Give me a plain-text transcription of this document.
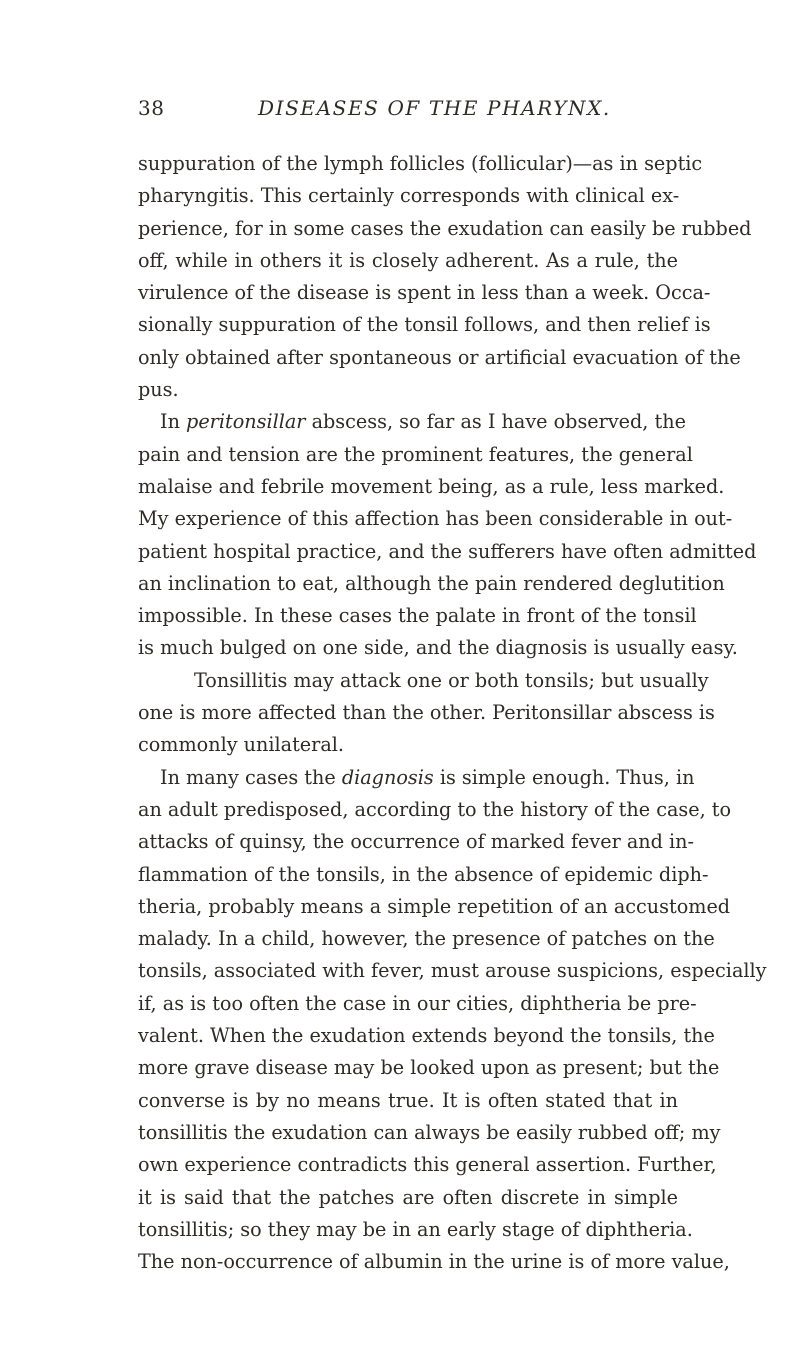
38	DISEASES OF THE PHARYNX.
suppuration of the lymph follicles (follicular)—as in septic
pharyngitis. This certainly corresponds with clinical ex-
perience, for in some cases the exudation can easily be rubbed
off, while in others it is closely adherent. As a rule, the
virulence of the disease is spent in less than a week. Occa-
sionally suppuration of the tonsil follows, and then relief is
only obtained after spontaneous or artificial evacuation of the
pus.
In peritonsillar abscess, so far as I have observed, the
pain and tension are the prominent features, the general
malaise and febrile movement being, as a rule, less marked.
My experience of this affection has been considerable in out-
patient hospital practice, and the sufferers have often admitted
an inclination to eat, although the pain rendered deglutition
impossible. In these cases the palate in front of the tonsil
is much bulged on one side, and the diagnosis is usually easy.
Tonsillitis may attack one or both tonsils; but usually
one is more affected than the other. Peritonsillar abscess is
commonly unilateral.
In many cases the diagnosis is simple enough. Thus, in
an adult predisposed, according to the history of the case, to
attacks of quinsy, the occurrence of marked fever and in-
flammation of the tonsils, in the absence of epidemic diph-
theria, probably means a simple repetition of an accustomed
malady. In a child, however, the presence of patches on the
tonsils, associated with fever, must arouse suspicions, especially
if, as is too often the case in our cities, diphtheria be pre-
valent. When the exudation extends beyond the tonsils, the
more grave disease may be looked upon as present; but the
converse is by no means true. It is often stated that in
tonsillitis the exudation can always be easily rubbed off; my
own experience contradicts this general assertion. Further,
it is said that the patches are often discrete in simple
tonsillitis; so they may be in an early stage of diphtheria.
The non-occurrence of albumin in the urine is of more value,
